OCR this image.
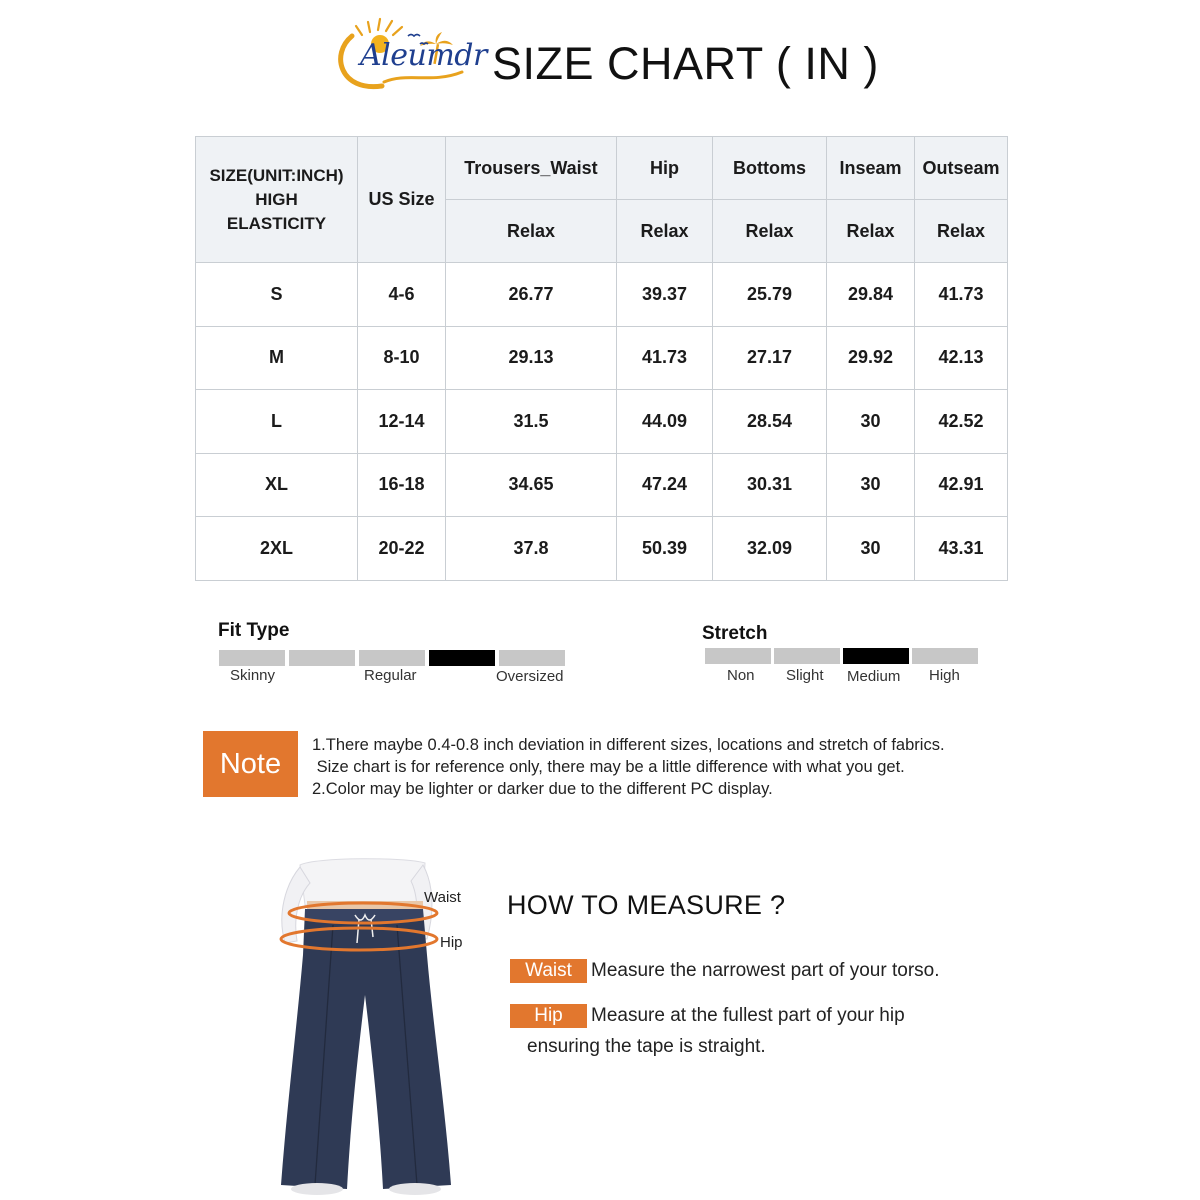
Aleumdr SIZE CHART ( IN )
SIZE(UNIT:INCH)
HIGH
ELASTICITY	US Size	Trousers_Waist	Hip	Bottoms	Inseam	Outseam
		Relax	Relax	Relax	Relax	Relax
S	4-6	26.77	39.37	25.79	29.84	41.73
M	8-10	29.13	41.73	27.17	29.92	42.13
L	12-14	31.5	44.09	28.54	30	42.52
XL	16-18	34.65	47.24	30.31	30	42.91
2XL	20-22	37.8	50.39	32.09	30	43.31
Fit Type
Skinny	Regular	Oversized
Stretch
Non Slight Medium High
Note
1.There maybe 0.4-0.8 inch deviation in different sizes, locations and stretch of fabrics.
Size chart is for reference only, there may be a little difference with what you get.
2.Color may be lighter or darker due to the different PC display.
Waist
Hip
HOW TO MEASURE ?
Waist	Measure the narrowest part of your torso.
Hip	Measure at the fullest part of your hip
ensuring the tape is straight.
